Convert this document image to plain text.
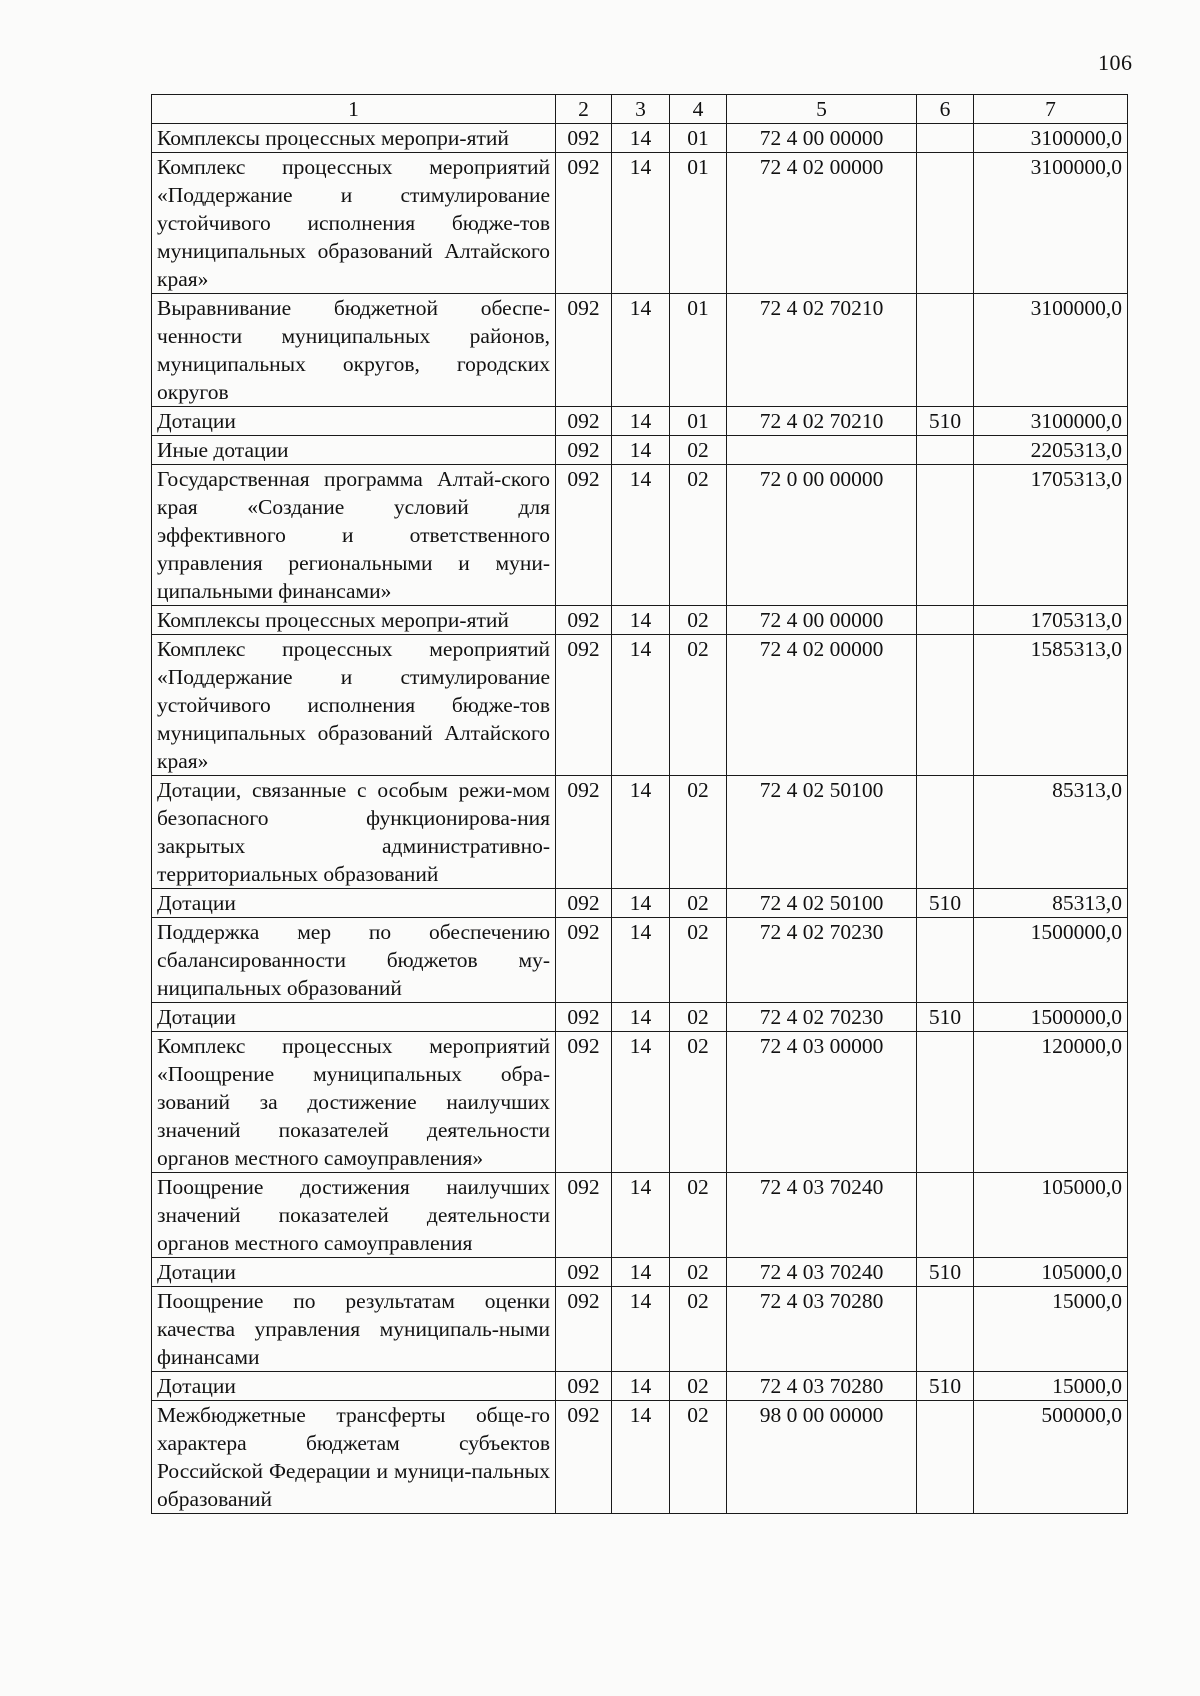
106
1	2	3	4	5	6	7
Комплексы процессных меропри-ятий	092	14	01	72 4 00 00000		3100000,0
Комплекс процессных мероприятий «Поддержание и стимулирование устойчивого исполнения бюдже-тов муниципальных образований Алтайского края»	092	14	01	72 4 02 00000		3100000,0
Выравнивание бюджетной обеспе-ченности муниципальных районов, муниципальных округов, городских округов	092	14	01	72 4 02 70210		3100000,0
Дотации	092	14	01	72 4 02 70210	510	3100000,0
Иные дотации	092	14	02			2205313,0
Государственная программа Алтай-ского края «Создание условий для эффективного и ответственного управления региональными и муни-ципальными финансами»	092	14	02	72 0 00 00000		1705313,0
Комплексы процессных меропри-ятий	092	14	02	72 4 00 00000		1705313,0
Комплекс процессных мероприятий «Поддержание и стимулирование устойчивого исполнения бюдже-тов муниципальных образований Алтайского края»	092	14	02	72 4 02 00000		1585313,0
Дотации, связанные с особым режи-мом безопасного функционирова-ния закрытых административно-территориальных образований	092	14	02	72 4 02 50100		85313,0
Дотации	092	14	02	72 4 02 50100	510	85313,0
Поддержка мер по обеспечению сбалансированности бюджетов му-ниципальных образований	092	14	02	72 4 02 70230		1500000,0
Дотации	092	14	02	72 4 02 70230	510	1500000,0
Комплекс процессных мероприятий «Поощрение муниципальных обра-зований за достижение наилучших значений показателей деятельности органов местного самоуправления»	092	14	02	72 4 03 00000		120000,0
Поощрение достижения наилучших значений показателей деятельности органов местного самоуправления	092	14	02	72 4 03 70240		105000,0
Дотации	092	14	02	72 4 03 70240	510	105000,0
Поощрение по результатам оценки качества управления муниципаль-ными финансами	092	14	02	72 4 03 70280		15000,0
Дотации	092	14	02	72 4 03 70280	510	15000,0
Межбюджетные трансферты обще-го характера бюджетам субъектов Российской Федерации и муници-пальных образований	092	14	02	98 0 00 00000		500000,0
